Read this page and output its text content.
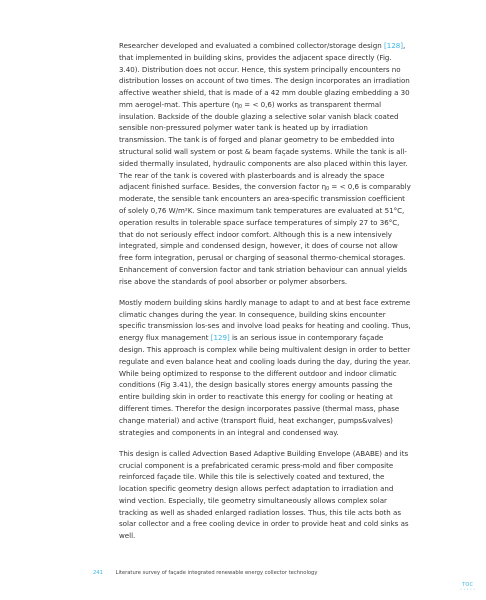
Researcher developed and evaluated a combined collector/storage design [128], that implemented in building skins, provides the adjacent space directly (Fig. 3.40). Distribution does not occur. Hence, this system principally encounters no distribution losses on account of two times. The design incorporates an irradiation affective weather shield, that is made of a 42 mm double glazing embedding a 30 mm aerogel-mat. This aperture ($\eta_0$ = < 0,6) works as transparent thermal insulation. Backside of the double glazing a selective solar vanish black coated sensible non-pressured polymer water tank is heated up by irradiation transmission. The tank is of forged and planar geometry to be embedded into structural solid wall system or post & beam façade systems. While the tank is all-sided thermally insulated, hydraulic components are also placed within this layer. The rear of the tank is covered with plasterboards and is already the space adjacent finished surface. Besides, the conversion factor $\eta_0$ = < 0,6 is comparably moderate, the sensible tank encounters an area-specific transmission coefficient of solely 0,76 W/m²K. Since maximum tank temperatures are evaluated at 51°C, operation results in tolerable space surface temperatures of simply 27 to 36°C, that do not seriously effect indoor comfort. Although this is a new intensively integrated, simple and condensed design, however, it does of course not allow free form integration, perusal or charging of seasonal thermo-chemical storages. Enhancement of conversion factor and tank striation behaviour can annual yields rise above the standards of pool absorber or polymer absorbers.

Mostly modern building skins hardly manage to adapt to and at best face extreme climatic changes during the year. In consequence, building skins encounter specific transmission los-ses and involve load peaks for heating and cooling. Thus, energy flux management [129] is an serious issue in contemporary façade design. This approach is complex while being multivalent design in order to better regulate and even balance heat and cooling loads during the day, during the year. While being optimized to response to the different outdoor and indoor climatic conditions (Fig 3.41), the design basically stores energy amounts passing the entire building skin in order to reactivate this energy for cooling or heating at different times. Therefor the design incorporates passive (thermal mass, phase change material) and active (transport fluid, heat exchanger, pumps&valves) strategies and components in an integral and condensed way.

This design is called Advection Based Adaptive Building Envelope (ABABE) and its crucial component is a prefabricated ceramic press-mold and fiber composite reinforced façade tile. While this tile is selectively coated and textured, the location specific geometry design allows perfect adaptation to irradiation and wind vection. Especially, tile geometry simultaneously allows complex solar tracking as well as shaded enlarged radiation losses. Thus, this tile acts both as solar collector and a free cooling device in order to provide heat and cold sinks as well.

241 Literature survey of façade integrated renewable energy collector technology
TOC
• • • • •
